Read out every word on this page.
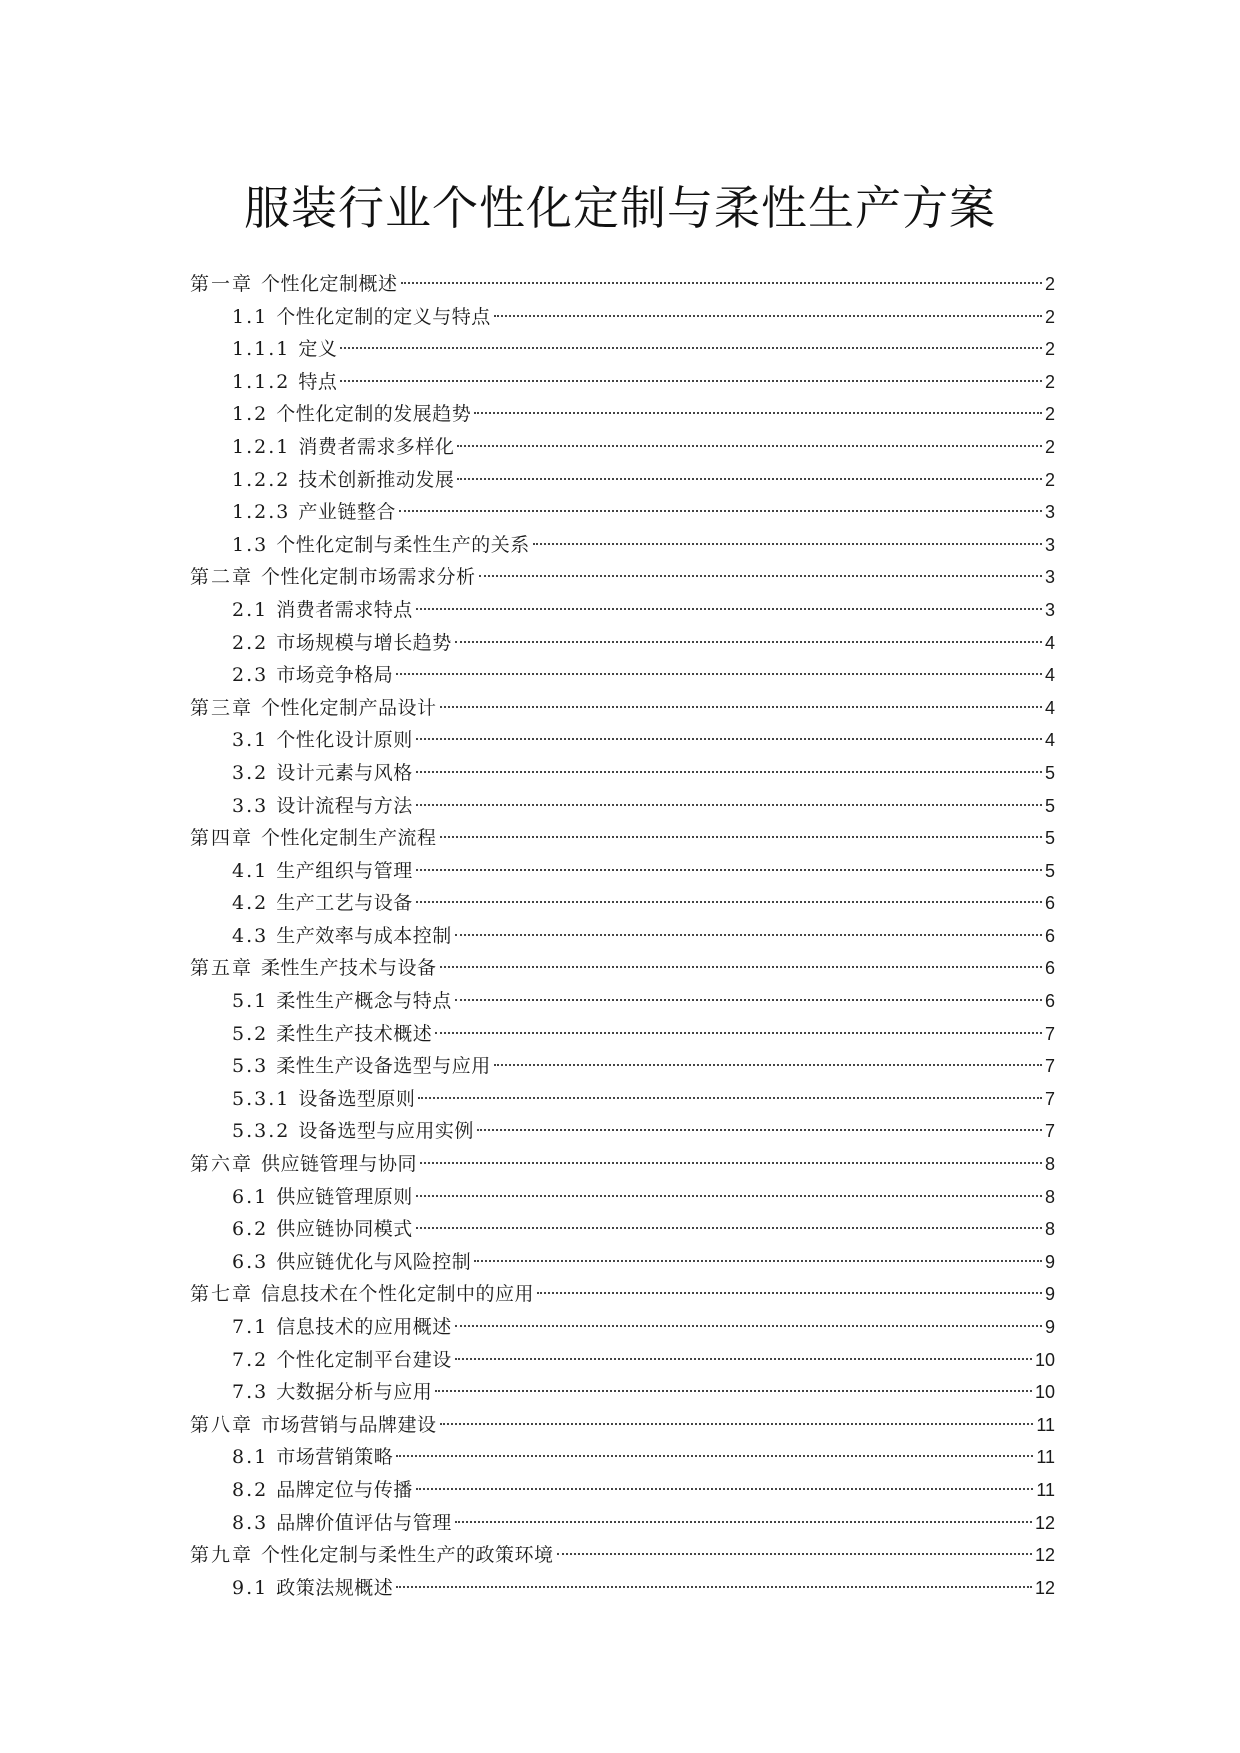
服装行业个性化定制与柔性生产方案
第一章 个性化定制概述	2
1.1 个性化定制的定义与特点	2
1.1.1 定义	2
1.1.2 特点	2
1.2 个性化定制的发展趋势	2
1.2.1 消费者需求多样化	2
1.2.2 技术创新推动发展	2
1.2.3 产业链整合	3
1.3 个性化定制与柔性生产的关系	3
第二章 个性化定制市场需求分析	3
2.1 消费者需求特点	3
2.2 市场规模与增长趋势	4
2.3 市场竞争格局	4
第三章 个性化定制产品设计	4
3.1 个性化设计原则	4
3.2 设计元素与风格	5
3.3 设计流程与方法	5
第四章 个性化定制生产流程	5
4.1 生产组织与管理	5
4.2 生产工艺与设备	6
4.3 生产效率与成本控制	6
第五章 柔性生产技术与设备	6
5.1 柔性生产概念与特点	6
5.2 柔性生产技术概述	7
5.3 柔性生产设备选型与应用	7
5.3.1 设备选型原则	7
5.3.2 设备选型与应用实例	7
第六章 供应链管理与协同	8
6.1 供应链管理原则	8
6.2 供应链协同模式	8
6.3 供应链优化与风险控制	9
第七章 信息技术在个性化定制中的应用	9
7.1 信息技术的应用概述	9
7.2 个性化定制平台建设	10
7.3 大数据分析与应用	10
第八章 市场营销与品牌建设	11
8.1 市场营销策略	11
8.2 品牌定位与传播	11
8.3 品牌价值评估与管理	12
第九章 个性化定制与柔性生产的政策环境	12
9.1 政策法规概述	12
